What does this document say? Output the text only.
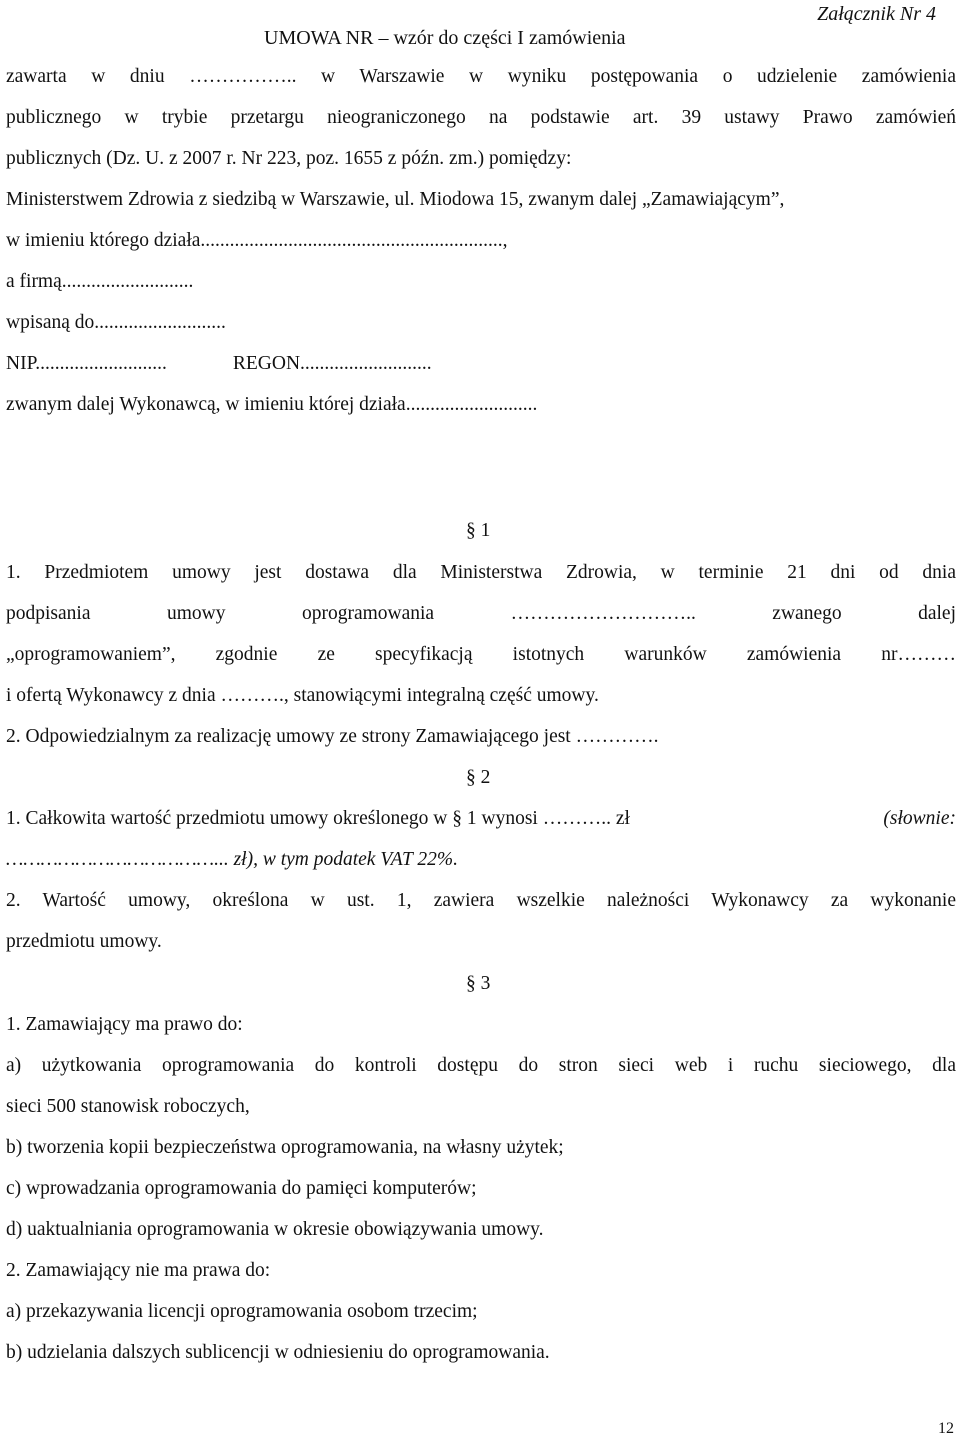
Załącznik Nr 4
UMOWA NR – wzór do części I zamówienia
zawarta w dniu …………….. w Warszawie w wyniku postępowania o udzielenie zamówienia
publicznego w trybie przetargu nieograniczonego na podstawie art. 39 ustawy Prawo zamówień
publicznych (Dz. U. z 2007 r. Nr 223, poz. 1655 z późn. zm.) pomiędzy:
Ministerstwem Zdrowia z siedzibą w Warszawie, ul. Miodowa 15, zwanym dalej „Zamawiającym”,
w imieniu którego działa..............................................................,
a firmą...........................
wpisaną do...........................
NIP...........................	REGON...........................
zwanym dalej Wykonawcą, w imieniu której działa...........................
§ 1
1. Przedmiotem umowy jest dostawa dla Ministerstwa Zdrowia, w terminie 21 dni od dnia
podpisania umowy oprogramowania ……………………….. zwanego dalej
„oprogramowaniem”, zgodnie ze specyfikacją istotnych warunków zamówienia nr………
i ofertą Wykonawcy z dnia ………., stanowiącymi integralną część umowy.
2. Odpowiedzialnym za realizację umowy ze strony Zamawiającego jest ………….
§ 2
1. Całkowita wartość przedmiotu umowy określonego w § 1 wynosi ……….. zł	(słownie:
………………………………... zł), w tym podatek VAT 22%.
2. Wartość umowy, określona w ust. 1, zawiera wszelkie należności Wykonawcy za wykonanie
przedmiotu umowy.
§ 3
1. Zamawiający ma prawo do:
a) użytkowania oprogramowania do kontroli dostępu do stron sieci web i ruchu sieciowego, dla
sieci 500 stanowisk roboczych,
b) tworzenia kopii bezpieczeństwa oprogramowania, na własny użytek;
c) wprowadzania oprogramowania do pamięci komputerów;
d) uaktualniania oprogramowania w okresie obowiązywania umowy.
2. Zamawiający nie ma prawa do:
a) przekazywania licencji oprogramowania osobom trzecim;
b) udzielania dalszych sublicencji w odniesieniu do oprogramowania.
12
